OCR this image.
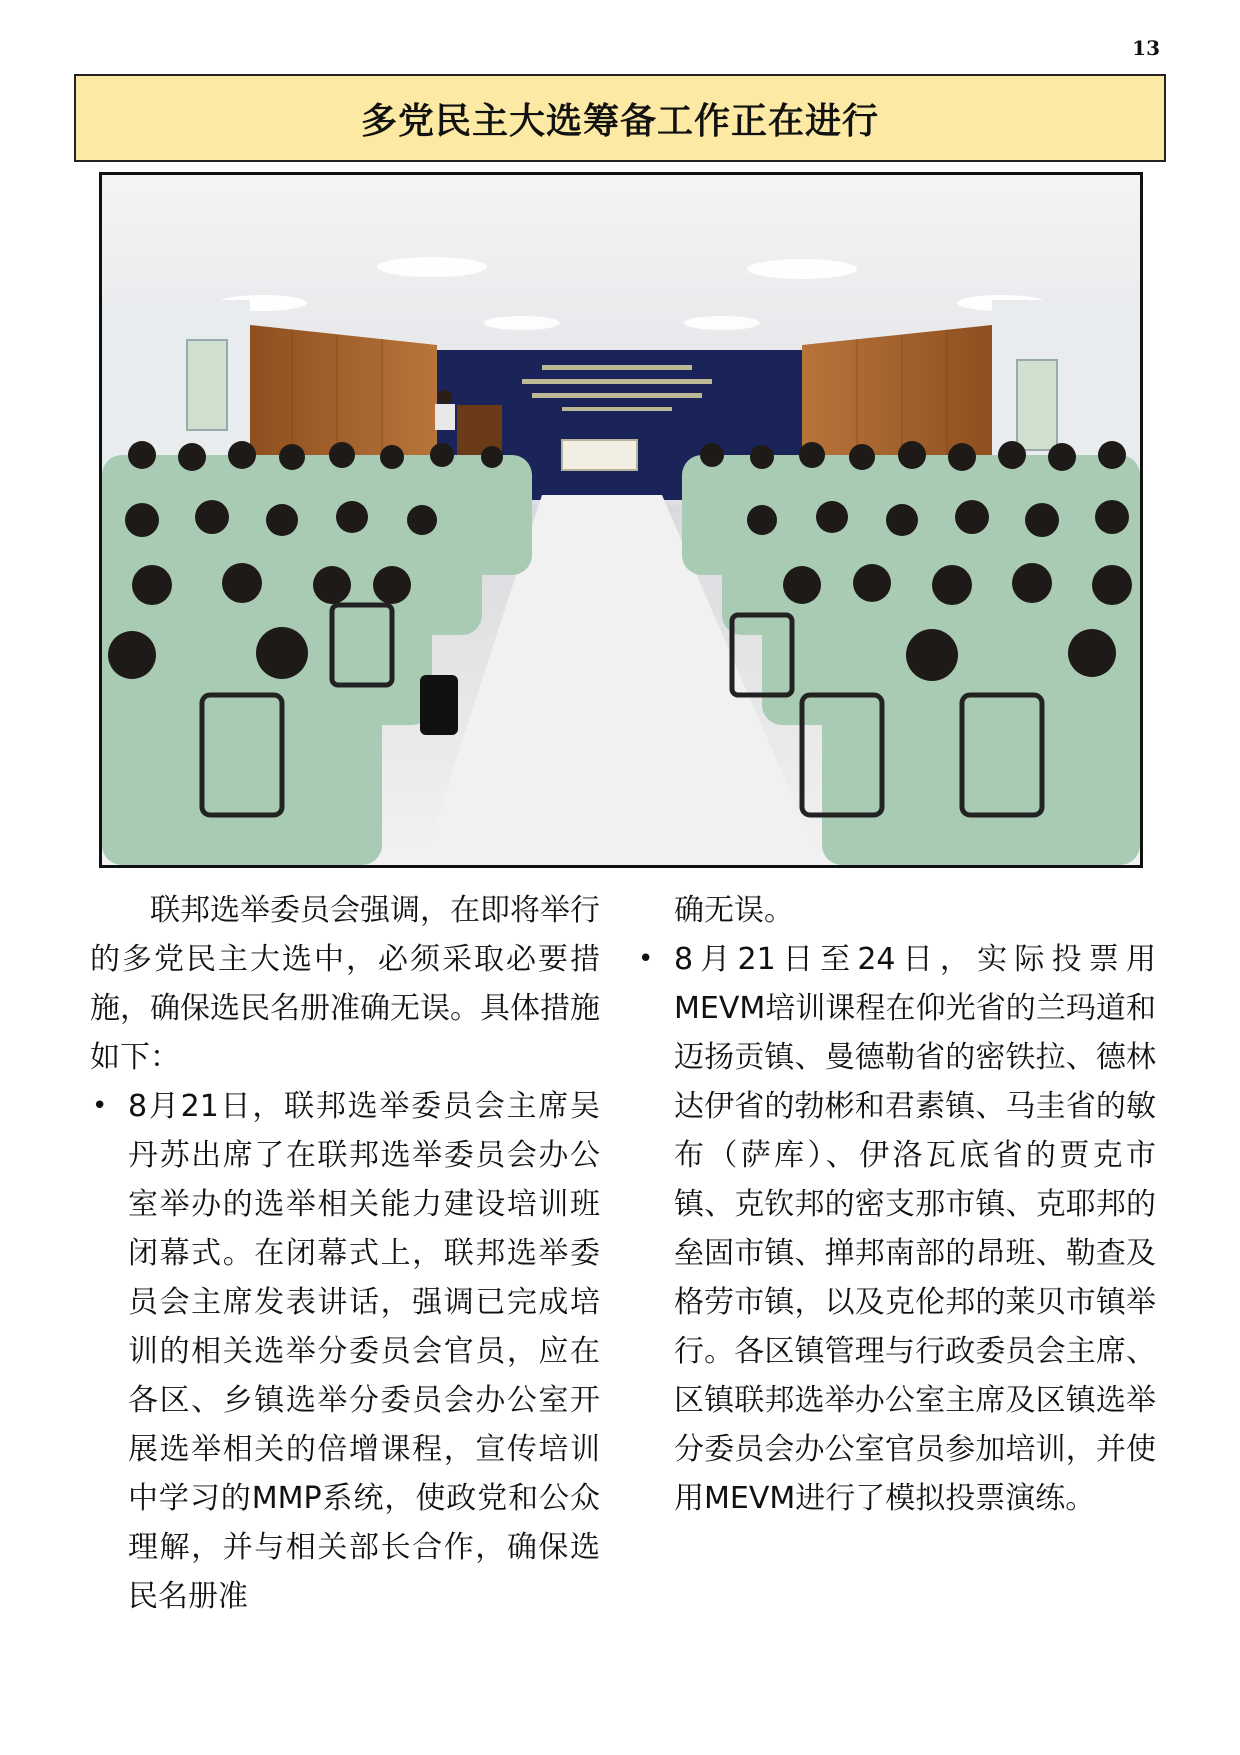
13
多党民主大选筹备工作正在进行

联邦选举委员会强调，在即将举行的多党民主大选中，必须采取必要措施，确保选民名册准确无误。具体措施如下：

• 8月21日，联邦选举委员会主席吴丹苏出席了在联邦选举委员会办公室举办的选举相关能力建设培训班闭幕式。在闭幕式上，联邦选举委员会主席发表讲话，强调已完成培训的相关选举分委员会官员，应在各区、乡镇选举分委员会办公室开展选举相关的倍增课程，宣传培训中学习的MMP系统，使政党和公众理解，并与相关部长合作，确保选民名册准

确无误。

• 8月21日至24日，实际投票用MEVM培训课程在仰光省的兰玛道和迈扬贡镇、曼德勒省的密铁拉、德林达伊省的勃彬和君素镇、马圭省的敏布（萨库）、伊洛瓦底省的贾克市镇、克钦邦的密支那市镇、克耶邦的垒固市镇、掸邦南部的昂班、勒查及格劳市镇，以及克伦邦的莱贝市镇举行。各区镇管理与行政委员会主席、区镇联邦选举办公室主席及区镇选举分委员会办公室官员参加培训，并使用MEVM进行了模拟投票演练。
